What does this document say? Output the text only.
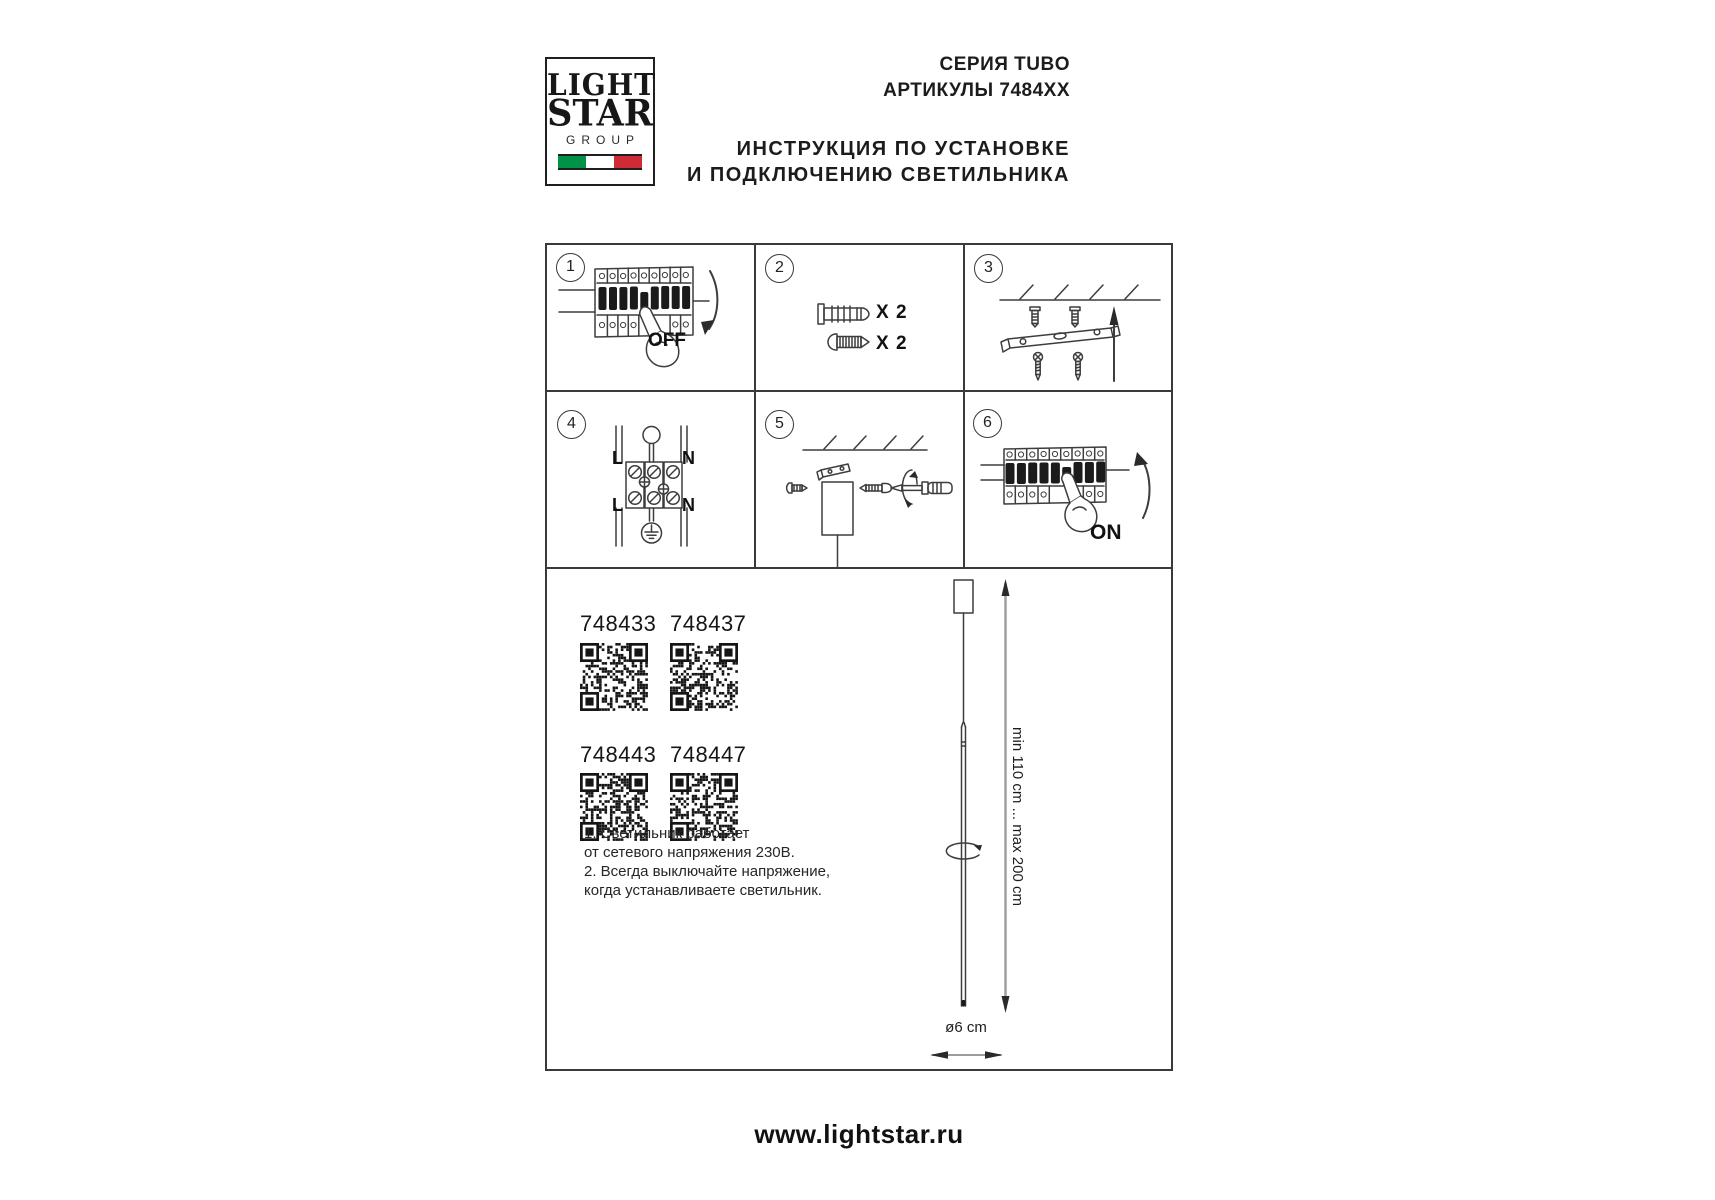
LIGHT
STAR
GROUP
СЕРИЯ TUBO
АРТИКУЛЫ 7484XX
ИНСТРУКЦИЯ ПО УСТАНОВКЕ
И ПОДКЛЮЧЕНИЮ СВЕТИЛЬНИКА
1	2	3
4	5	6
OFF
X 2
X 2
L	N
L	N
ON
748433 748437
748443 748447
1. Светильник работает
от сетевого напряжения 230В.
2. Всегда выключайте напряжение,
когда устанавливаете светильник.	min 110 cm ... max 200 cm
ø6 cm
www.lightstar.ru
